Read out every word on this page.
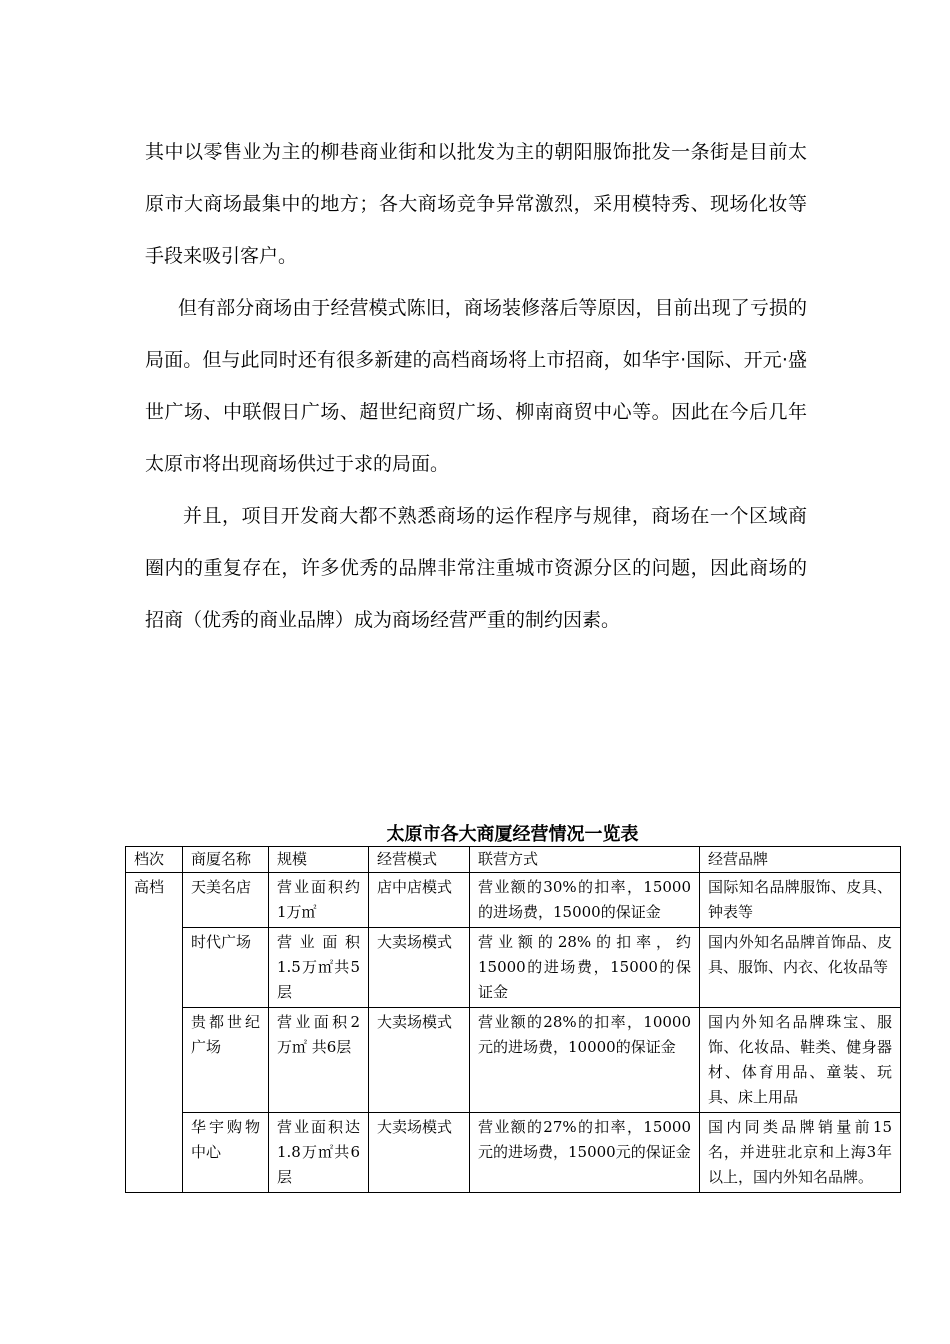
其中以零售业为主的柳巷商业街和以批发为主的朝阳服饰批发一条街是目前太原市大商场最集中的地方；各大商场竞争异常激烈，采用模特秀、现场化妆等手段来吸引客户。

但有部分商场由于经营模式陈旧，商场装修落后等原因，目前出现了亏损的局面。但与此同时还有很多新建的高档商场将上市招商，如华宇·国际、开元·盛世广场、中联假日广场、超世纪商贸广场、柳南商贸中心等。因此在今后几年太原市将出现商场供过于求的局面。

并且，项目开发商大都不熟悉商场的运作程序与规律，商场在一个区域商圈内的重复存在，许多优秀的品牌非常注重城市资源分区的问题，因此商场的招商（优秀的商业品牌）成为商场经营严重的制约因素。

太原市各大商厦经营情况一览表
档次	商厦名称	规模	经营模式	联营方式	经营品牌
高档	天美名店	营业面积约1万㎡	店中店模式	营业额的30%的扣率，15000的进场费，15000的保证金	国际知名品牌服饰、皮具、钟表等
	时代广场	营业面积1.5万㎡共5层	大卖场模式	营业额的28%的扣率，约15000的进场费，15000的保证金	国内外知名品牌首饰品、皮具、服饰、内衣、化妆品等
	贵都世纪广场	营业面积2万㎡ 共6层	大卖场模式	营业额的28%的扣率，10000元的进场费，10000的保证金	国内外知名品牌珠宝、服饰、化妆品、鞋类、健身器材、体育用品、童装、玩具、床上用品
	华宇购物中心	营业面积达1.8万㎡共6层	大卖场模式	营业额的27%的扣率，15000元的进场费，15000元的保证金	国内同类品牌销量前15名，并进驻北京和上海3年以上，国内外知名品牌。
